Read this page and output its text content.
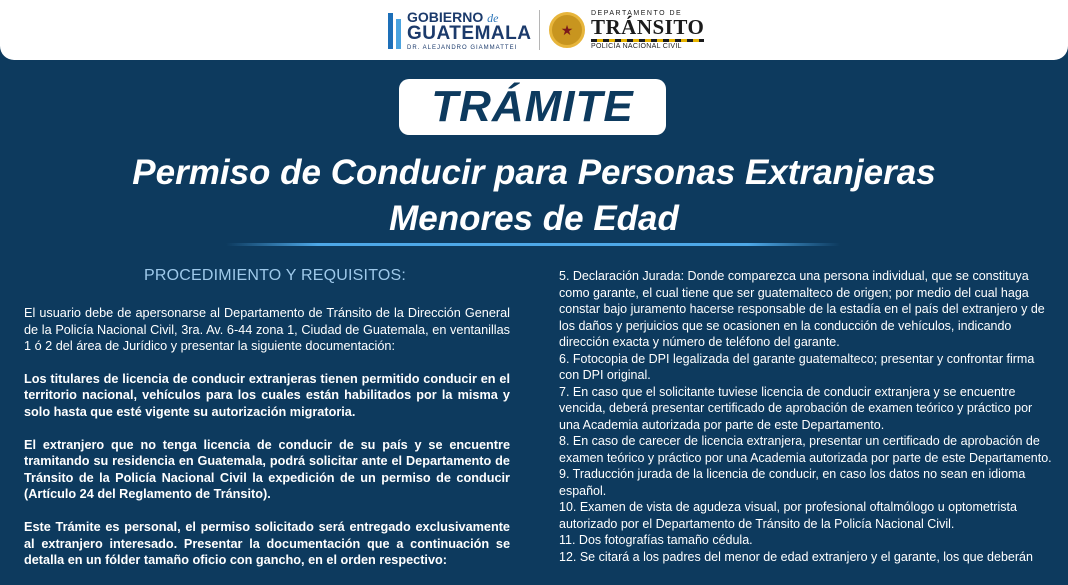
GOBIERNO de
GUATEMALA
DR. ALEJANDRO GIAMMATTEI
★
DEPARTAMENTO DE
TRÁNSITO
POLICÍA NACIONAL CIVIL
TRÁMITE
Permiso de Conducir para Personas Extranjeras
Menores de Edad
PROCEDIMIENTO Y REQUISITOS:

El usuario debe de apersonarse al Departamento de Tránsito de la Dirección General de la Policía Nacional Civil, 3ra. Av. 6-44 zona 1, Ciudad de Guatemala, en ventanillas 1 ó 2 del área de Jurídico y presentar la siguiente documentación:

Los titulares de licencia de conducir extranjeras tienen permitido conducir en el territorio nacional, vehículos para los cuales están habilitados por la misma y solo hasta que esté vigente su autorización migratoria.

El extranjero que no tenga licencia de conducir de su país y se encuentre tramitando su residencia en Guatemala, podrá solicitar ante el Departamento de Tránsito de la Policía Nacional Civil la expedición de un permiso de conducir (Artículo 24 del Reglamento de Tránsito).

Este Trámite es personal, el permiso solicitado será entregado exclusivamente al extranjero interesado. Presentar la documentación que a continuación se detalla en un fólder tamaño oficio con gancho, en el orden respectivo:

5. Declaración Jurada: Donde comparezca una persona individual, que se constituya como garante, el cual tiene que ser guatemalteco de origen; por medio del cual haga constar bajo juramento hacerse responsable de la estadía en el país del extranjero y de los daños y perjuicios que se ocasionen en la conducción de vehículos, indicando dirección exacta y número de teléfono del garante.
6. Fotocopia de DPI legalizada del garante guatemalteco; presentar y confrontar firma con DPI original.
7. En caso que el solicitante tuviese licencia de conducir extranjera y se encuentre vencida, deberá presentar certificado de aprobación de examen teórico y práctico por una Academia autorizada por parte de este Departamento.
8. En caso de carecer de licencia extranjera, presentar un certificado de aprobación de examen teórico y práctico por una Academia autorizada por parte de este Departamento.
9. Traducción jurada de la licencia de conducir, en caso los datos no sean en idioma español.
10. Examen de vista de agudeza visual, por profesional oftalmólogo u optometrista autorizado por el Departamento de Tránsito de la Policía Nacional Civil.
11. Dos fotografías tamaño cédula.
12. Se citará a los padres del menor de edad extranjero y el garante, los que deberán
